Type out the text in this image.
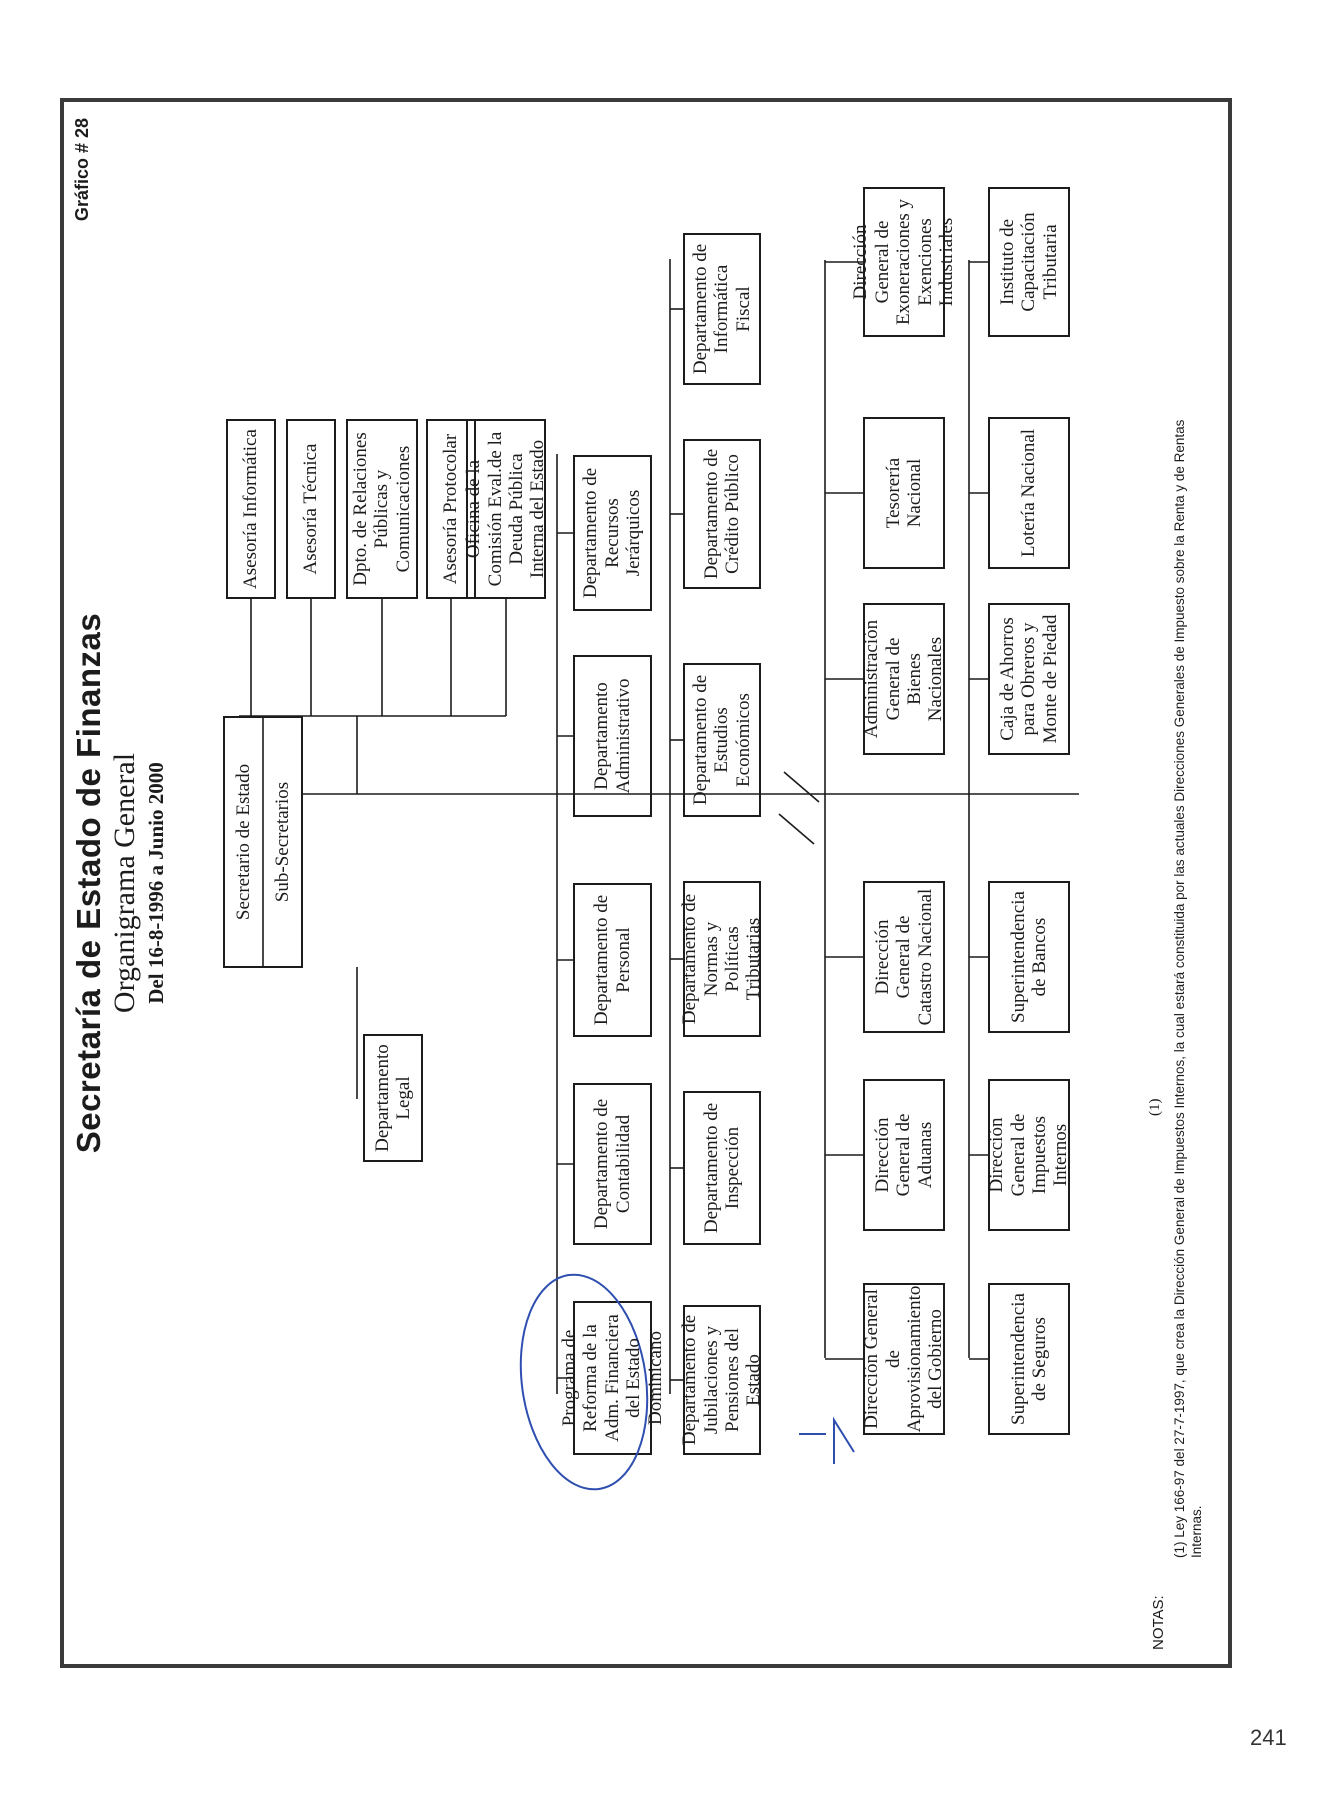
241
Secretaría de Estado de Finanzas Organigrama General Del 16-8-1996 a Junio 2000
Gráfico # 28
Secretario de Estado Sub-Secretarios
Asesoría Informática	Asesoría Técnica	Dpto. de Relaciones Públicas y Comunicaciones	Asesoría Protocolar Oficina de la Comisión Eval.de la Deuda Pública Interna del Estado
Departamento Legal
Programa de Reforma de la Adm. Financiera del Estado Dominicano
Departamento de Contabilidad
Departamento de Personal
Departamento Administrativo
Departamento de Recursos Jerárquicos
Departamento de Jubilaciones y Pensiones del Estado
Departamento de Inspección
Departamento de Normas y Políticas Tributarias
Departamento de Estudios Económicos
Departamento de Crédito Público
Departamento de Informática Fiscal
Dirección General de Aprovisionamiento del Gobierno
Dirección General de Aduanas
Dirección General de Catastro Nacional
Administración General de Bienes Nacionales
Tesorería Nacional
Dirección General de Exoneraciones y Exenciones Industriales
Superintendencia de Seguros
Dirección General de Impuestos Internos
Superintendencia de Bancos
Caja de Ahorros para Obreros y Monte de Piedad
Lotería Nacional
Instituto de Capacitación Tributaria
(1)
NOTAS:
(1) Ley 166-97 del 27-7-1997, que crea la Dirección General de Impuestos Internos, la cual estará constituida por las actuales Direcciones Generales de Impuesto sobre la Renta y de Rentas Internas.
